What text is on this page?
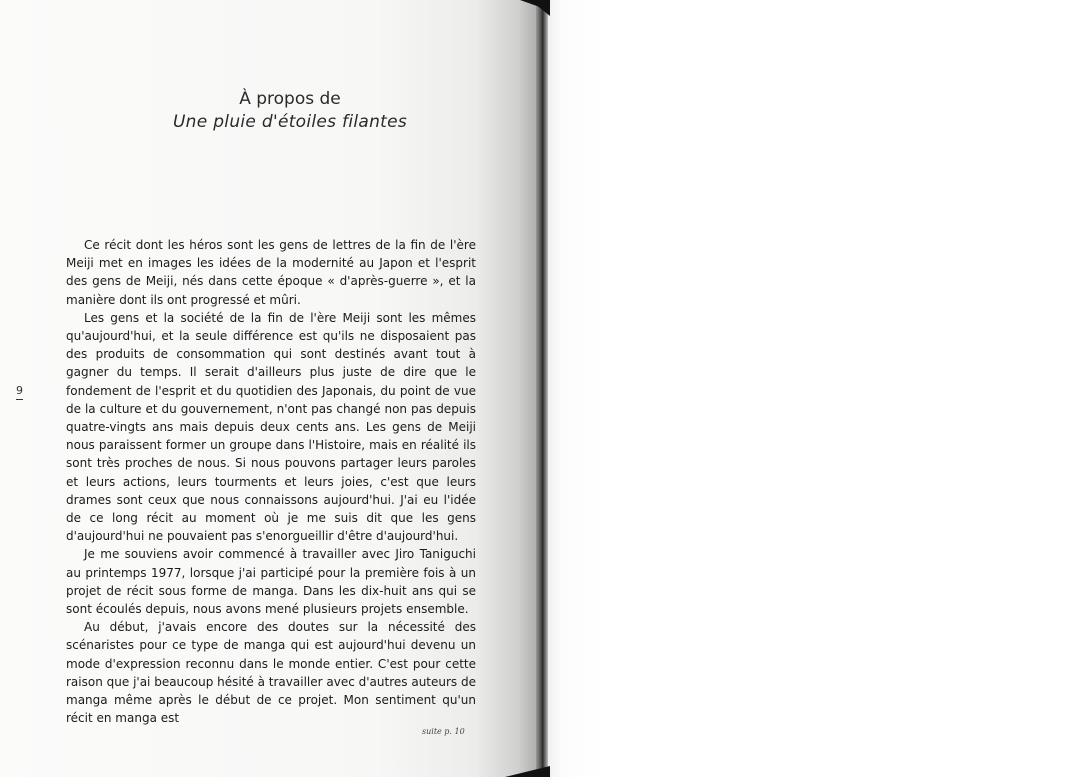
À propos de
Une pluie d'étoiles filantes
9

Ce récit dont les héros sont les gens de lettres de la fin de l'ère Meiji met en images les idées de la modernité au Japon et l'esprit des gens de Meiji, nés dans cette époque « d'après-guerre », et la manière dont ils ont progressé et mûri.

Les gens et la société de la fin de l'ère Meiji sont les mêmes qu'aujourd'hui, et la seule différence est qu'ils ne disposaient pas des produits de consommation qui sont destinés avant tout à gagner du temps. Il serait d'ailleurs plus juste de dire que le fondement de l'esprit et du quotidien des Japonais, du point de vue de la culture et du gouvernement, n'ont pas changé non pas depuis quatre-vingts ans mais depuis deux cents ans. Les gens de Meiji nous paraissent former un groupe dans l'Histoire, mais en réalité ils sont très proches de nous. Si nous pouvons partager leurs paroles et leurs actions, leurs tourments et leurs joies, c'est que leurs drames sont ceux que nous connaissons aujourd'hui. J'ai eu l'idée de ce long récit au moment où je me suis dit que les gens d'aujourd'hui ne pouvaient pas s'enorgueillir d'être d'aujourd'hui.

Je me souviens avoir commencé à travailler avec Jiro Taniguchi au printemps 1977, lorsque j'ai participé pour la première fois à un projet de récit sous forme de manga. Dans les dix-huit ans qui se sont écoulés depuis, nous avons mené plusieurs projets ensemble.

Au début, j'avais encore des doutes sur la nécessité des scénaristes pour ce type de manga qui est aujourd'hui devenu un mode d'expression reconnu dans le monde entier. C'est pour cette raison que j'ai beaucoup hésité à travailler avec d'autres auteurs de manga même après le début de ce projet. Mon sentiment qu'un récit en manga est

suite p. 10
